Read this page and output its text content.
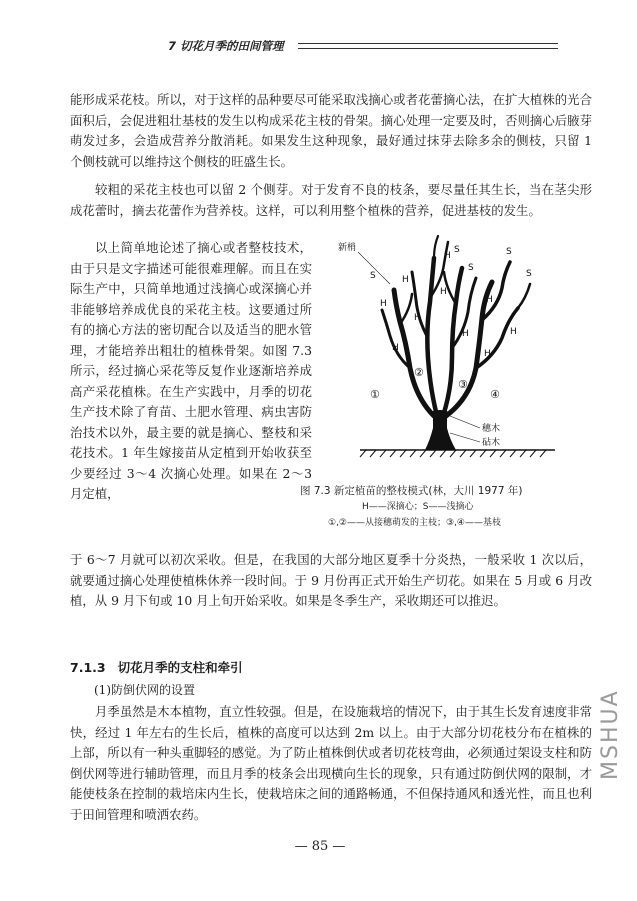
7 切花月季的田间管理

能形成采花枝。所以，对于这样的品种要尽可能采取浅摘心或者花蕾摘心法，在扩大植株的光合面积后，会促进粗壮基枝的发生以构成采花主枝的骨架。摘心处理一定要及时，否则摘心后腋芽萌发过多，会造成营养分散消耗。如果发生这种现象，最好通过抹芽去除多余的侧枝，只留 1 个侧枝就可以维持这个侧枝的旺盛生长。

较粗的采花主枝也可以留 2 个侧芽。对于发育不良的枝条，要尽量任其生长，当在茎尖形成花蕾时，摘去花蕾作为营养枝。这样，可以利用整个植株的营养，促进基枝的发生。

以上简单地论述了摘心或者整枝技术，由于只是文字描述可能很难理解。而且在实际生产中，只简单地通过浅摘心或深摘心并非能够培养成优良的采花主枝。这要通过所有的摘心方法的密切配合以及适当的肥水管理，才能培养出粗壮的植株骨架。如图 7.3 所示，经过摘心采花等反复作业逐渐培养成高产采花植株。在生产实践中，月季的切花生产技术除了育苗、土肥水管理、病虫害防治技术以外，最主要的就是摘心、整枝和采花技术。1 年生嫁接苗从定植到开始收获至少要经过 3～4 次摘心处理。如果在 2～3 月定植，

于 6～7 月就可以初次采收。但是，在我国的大部分地区夏季十分炎热，一般采收 1 次以后，就要通过摘心处理使植株休养一段时间。于 9 月份再正式开始生产切花。如果在 5 月或 6 月改植，从 9 月下旬或 10 月上旬开始采收。如果是冬季生产，采收期还可以推迟。

新梢
S
H
H
H
S
S
S
S
H
H
H
H	H
H
H
①
②
③
④
穗木
砧木
图 7.3 新定植苗的整枝模式(林，大川 1977 年)
H——深摘心；S——浅摘心
①,②——从接穗萌发的主枝；③,④——基枝
7.1.3 切花月季的支柱和牵引
(1)防倒伏网的设置

月季虽然是木本植物，直立性较强。但是，在设施栽培的情况下，由于其生长发育速度非常快，经过 1 年左右的生长后，植株的高度可以达到 2m 以上。由于大部分切花枝分布在植株的上部，所以有一种头重脚轻的感觉。为了防止植株倒伏或者切花枝弯曲，必须通过架设支柱和防倒伏网等进行辅助管理，而且月季的枝条会出现横向生长的现象，只有通过防倒伏网的限制，才能使枝条在控制的栽培床内生长，使栽培床之间的通路畅通，不但保持通风和透光性，而且也利于田间管理和喷洒农药。

— 85 —
MSHUA
